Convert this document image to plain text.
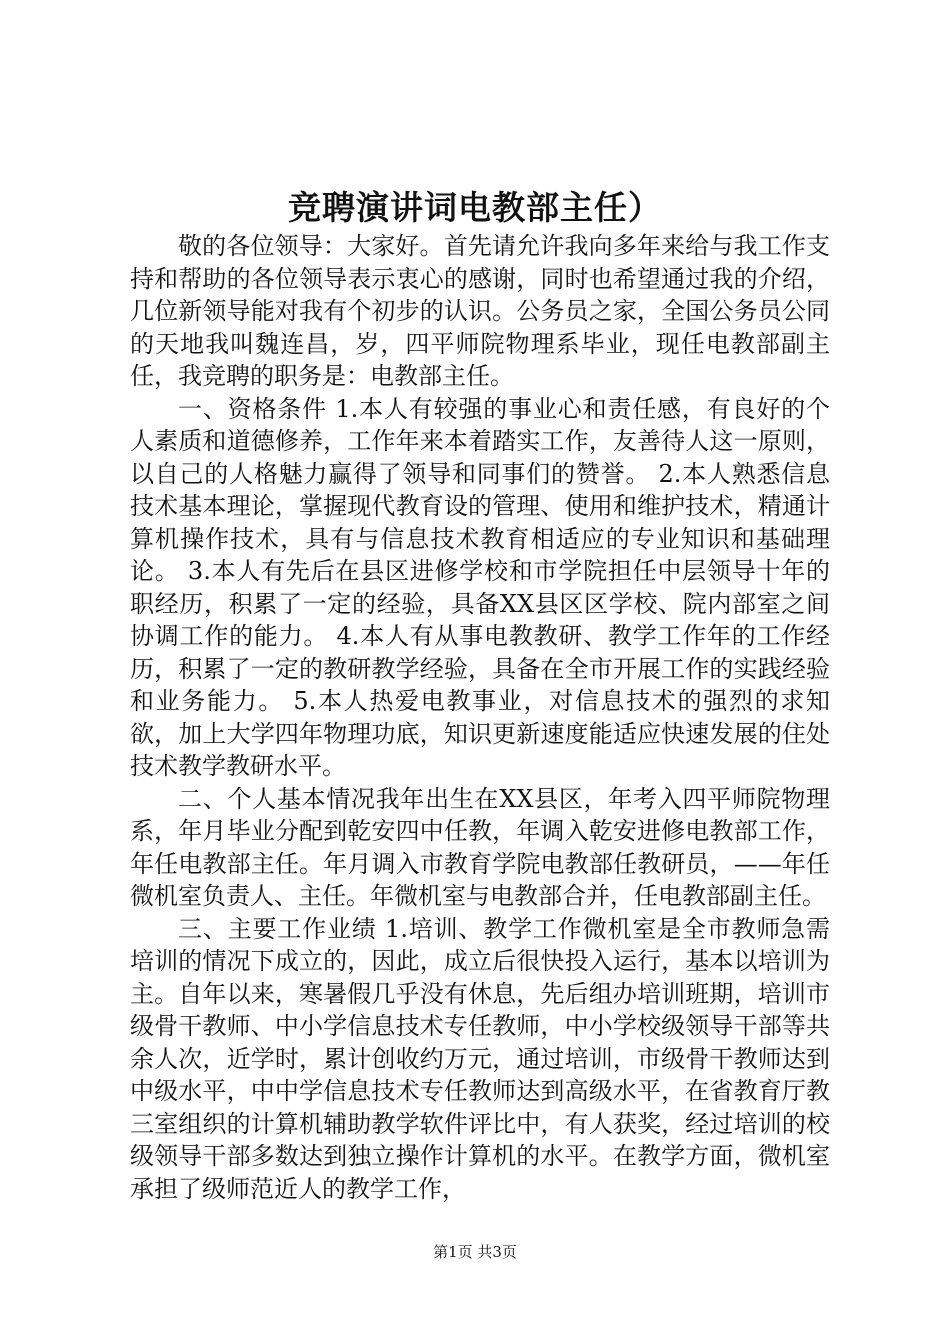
竞聘演讲词电教部主任）

敬的各位领导：大家好。首先请允许我向多年来给与我工作支持和帮助的各位领导表示衷心的感谢，同时也希望通过我的介绍，几位新领导能对我有个初步的认识。公务员之家，全国公务员公同的天地我叫魏连昌，岁，四平师院物理系毕业，现任电教部副主任，我竞聘的职务是：电教部主任。

一、资格条件 1.本人有较强的事业心和责任感，有良好的个人素质和道德修养，工作年来本着踏实工作，友善待人这一原则，以自己的人格魅力赢得了领导和同事们的赞誉。 2.本人熟悉信息技术基本理论，掌握现代教育设的管理、使用和维护技术，精通计算机操作技术，具有与信息技术教育相适应的专业知识和基础理论。 3.本人有先后在县区进修学校和市学院担任中层领导十年的职经历，积累了一定的经验，具备XX县区区学校、院内部室之间协调工作的能力。 4.本人有从事电教教研、教学工作年的工作经历，积累了一定的教研教学经验，具备在全市开展工作的实践经验和业务能力。 5.本人热爱电教事业，对信息技术的强烈的求知欲，加上大学四年物理功底，知识更新速度能适应快速发展的住处技术教学教研水平。

二、个人基本情况我年出生在XX县区，年考入四平师院物理系，年月毕业分配到乾安四中任教，年调入乾安进修电教部工作，年任电教部主任。年月调入市教育学院电教部任教研员，——年任微机室负责人、主任。年微机室与电教部合并，任电教部副主任。

三、主要工作业绩 1.培训、教学工作微机室是全市教师急需培训的情况下成立的，因此，成立后很快投入运行，基本以培训为主。自年以来，寒暑假几乎没有休息，先后组办培训班期，培训市级骨干教师、中小学信息技术专任教师，中小学校级领导干部等共余人次，近学时，累计创收约万元，通过培训，市级骨干教师达到中级水平，中中学信息技术专任教师达到高级水平，在省教育厅教三室组织的计算机辅助教学软件评比中，有人获奖，经过培训的校级领导干部多数达到独立操作计算机的水平。在教学方面，微机室承担了级师范近人的教学工作，

第1页 共3页
